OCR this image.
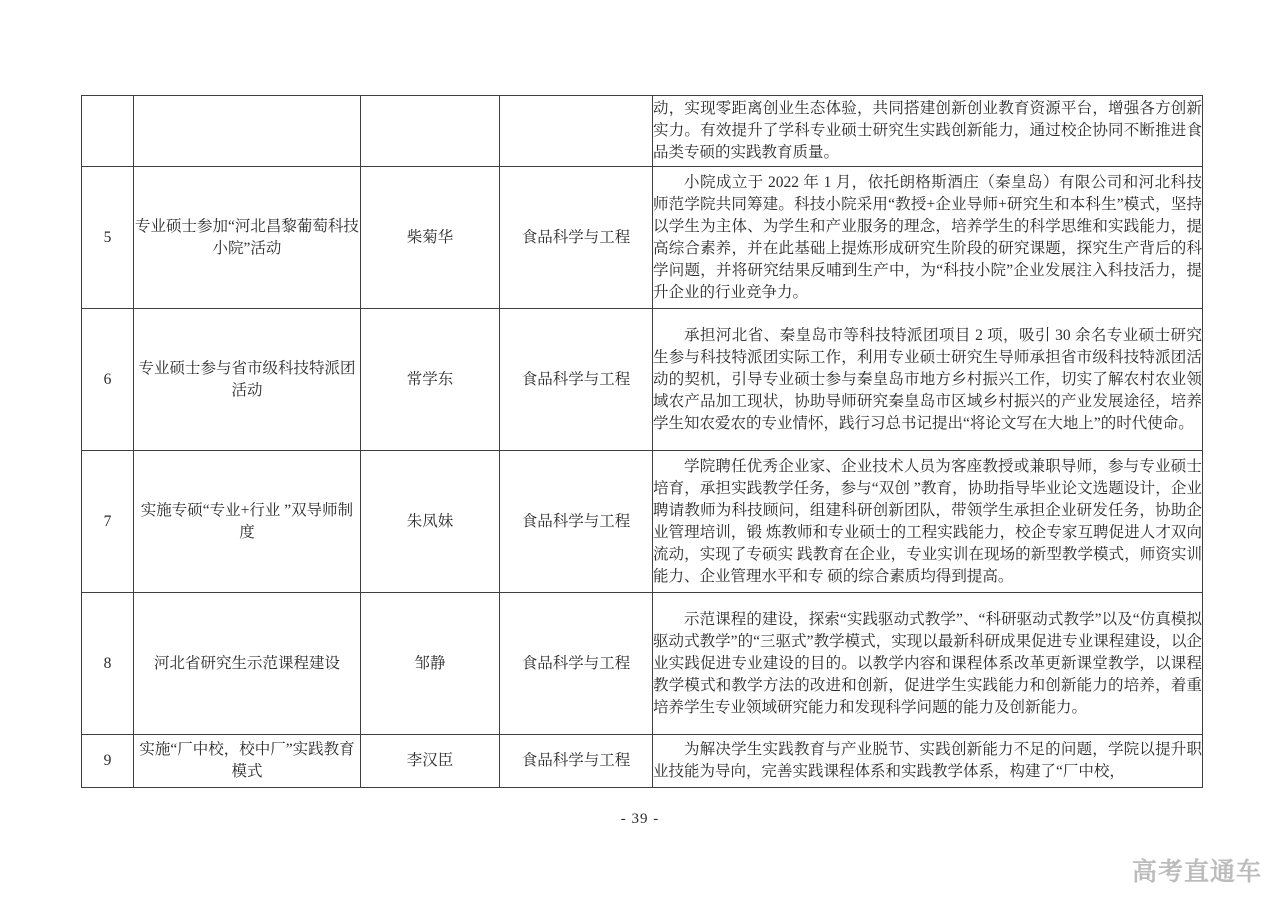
				动，实现零距离创业生态体验，共同搭建创新创业教育资源平台，增强各方创新实力。有效提升了学科专业硕士研究生实践创新能力，通过校企协同不断推进食品类专硕的实践教育质量。

5	专业硕士参加“河北昌黎葡萄科技小院”活动	柴菊华	食品科学与工程	小院成立于 2022 年 1 月，依托朗格斯酒庄（秦皇岛）有限公司和河北科技师范学院共同筹建。科技小院采用“教授+企业导师+研究生和本科生”模式，坚持以学生为主体、为学生和产业服务的理念，培养学生的科学思维和实践能力，提高综合素养，并在此基础上提炼形成研究生阶段的研究课题，探究生产背后的科学问题，并将研究结果反哺到生产中，为“科技小院”企业发展注入科技活力，提升企业的行业竞争力。

6	专业硕士参与省市级科技特派团活动	常学东	食品科学与工程	承担河北省、秦皇岛市等科技特派团项目 2 项，吸引 30 余名专业硕士研究生参与科技特派团实际工作，利用专业硕士研究生导师承担省市级科技特派团活动的契机，引导专业硕士参与秦皇岛市地方乡村振兴工作，切实了解农村农业领域农产品加工现状，协助导师研究秦皇岛市区域乡村振兴的产业发展途径，培养学生知农爱农的专业情怀，践行习总书记提出“将论文写在大地上”的时代使命。

7	实施专硕“专业+行业 ”双导师制度	朱凤妹	食品科学与工程	学院聘任优秀企业家、企业技术人员为客座教授或兼职导师，参与专业硕士培育，承担实践教学任务，参与“双创 ”教育，协助指导毕业论文选题设计，企业聘请教师为科技顾问，组建科研创新团队，带领学生承担企业研发任务，协助企业管理培训，锻 炼教师和专业硕士的工程实践能力，校企专家互聘促进人才双向流动，实现了专硕实 践教育在企业，专业实训在现场的新型教学模式，师资实训能力、企业管理水平和专 硕的综合素质均得到提高。

8	河北省研究生示范课程建设	邹静	食品科学与工程	示范课程的建设，探索“实践驱动式教学”、“科研驱动式教学”以及“仿真模拟驱动式教学”的“三驱式”教学模式，实现以最新科研成果促进专业课程建设，以企业实践促进专业建设的目的。以教学内容和课程体系改革更新课堂教学，以课程教学模式和教学方法的改进和创新，促进学生实践能力和创新能力的培养，着重培养学生专业领域研究能力和发现科学问题的能力及创新能力。

9	实施“厂中校，校中厂”实践教育模式	李汉臣	食品科学与工程	为解决学生实践教育与产业脱节、实践创新能力不足的问题，学院以提升职业技能为导向，完善实践课程体系和实践教学体系，构建了“厂中校，

- 39 -
高考直通车
